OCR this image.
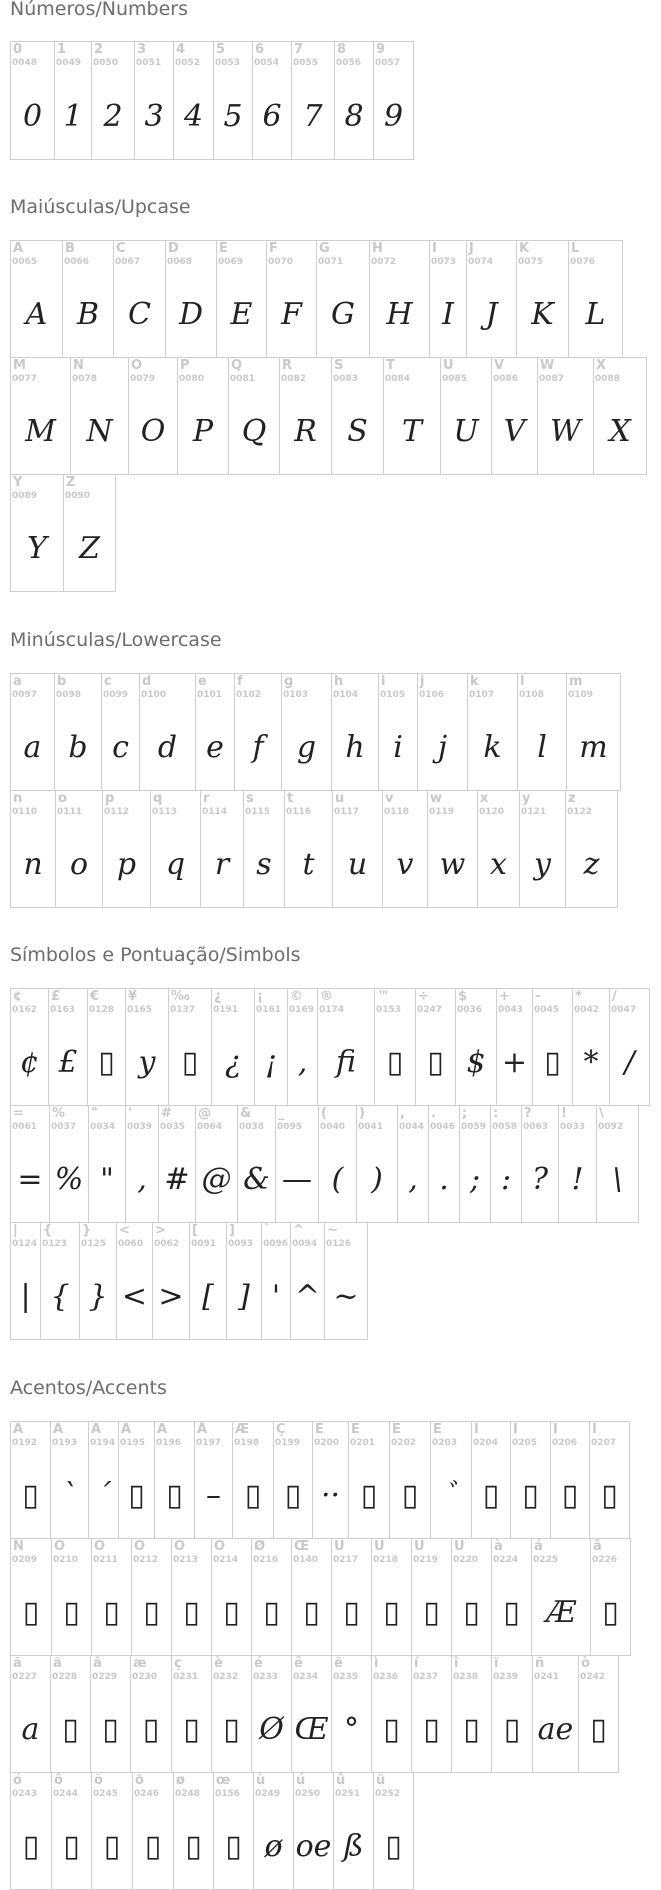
Números/Numbers
0
0048
0
1
0049
1
2
0050
2
3
0051
3
4
0052
4
5
0053
5
6
0054
6
7
0055
7
8
0056
8
9
0057
9
Maiúsculas/Upcase
A
0065
A
B
0066
B
C
0067
C
D
0068
D
E
0069
E
F
0070
F
G
0071
G
H
0072
H
I
0073
I
J
0074
J
K
0075
K
L
0076
L
M
0077
M
N
0078
N
O
0079
O
P
0080
P
Q
0081
Q
R
0082
R
S
0083
S
T
0084
T
U
0085
U
V
0086
V
W
0087
W
X
0088
X
Y
0089
Y
Z
0090
Z
Minúsculas/Lowercase
a
0097
a
b
0098
b
c
0099
c
d
0100
d
e
0101
e
f
0102
f
g
0103
g
h
0104
h
i
0105
i
j
0106
j
k
0107
k
l
0108
l
m
0109
m
n
0110
n
o
0111
o
p
0112
p
q
0113
q
r
0114
r
s
0115
s
t
0116
t
u
0117
u
v
0118
v
w
0119
w
x
0120
x
y
0121
y
z
0122
z
Símbolos e Pontuação/Simbols
¢
0162
¢
£
0163
£
€
0128
▯
¥
0165
y
‰
0137
▯
¿
0191
¿
¡
0161
¡
©
0169
,
®
0174
fi
™
0153
▯
÷
0247
▯
$
0036
$
+
0043
+
-
0045
▯
*
0042
*
/
0047
/
=
0061
=
%
0037
%
"
0034
"
'
0039
,
#
0035
#
@
0064
@
&
0038
&
_
0095
—
(
0040
(
)
0041
)
,
0044
,
.
0046
.
;
0059
;
:
0058
:
?
0063
?
!
0033
!
\
0092
\
|
0124
|
{
0123
{
}
0125
}
<
0060
<
>
0062
>
[
0091
[
]
0093
]
`
0096
'
^
0094
^
~
0126
~
Acentos/Accents
À
0192
▯
Á
0193
`
Â
0194
´
Ã
0195
▯
Ä
0196
▯
Å
0197
–
Æ
0198
▯
Ç
0199
▯
È
0200
··
É
0201
▯
Ê
0202
▯
Ë
0203
ﾞ
Ì
0204
▯
Í
0205
▯
Î
0206
▯
Ï
0207
▯
Ñ
0209
▯
Ò
0210
▯
Ó
0211
▯
Ô
0212
▯
Õ
0213
▯
Ö
0214
▯
Ø
0216
▯
Œ
0140
▯
Ù
0217
▯
Ú
0218
▯
Û
0219
▯
Ü
0220
▯
à
0224
▯
á
0225
Æ
â
0226
▯
ã
0227
a
ä
0228
▯
å
0229
▯
æ
0230
▯
ç
0231
▯
è
0232
▯
é
0233
Ø
ê
0234
Œ
ë
0235
°
ì
0236
▯
í
0237
▯
î
0238
▯
ï
0239
▯
ñ
0241
ae
ò
0242
▯
ó
0243
▯
ô
0244
▯
õ
0245
▯
ö
0246
▯
ø
0248
▯
œ
0156
▯
ù
0249
ø
ú
0250
oe
û
0251
ß
ü
0252
▯
